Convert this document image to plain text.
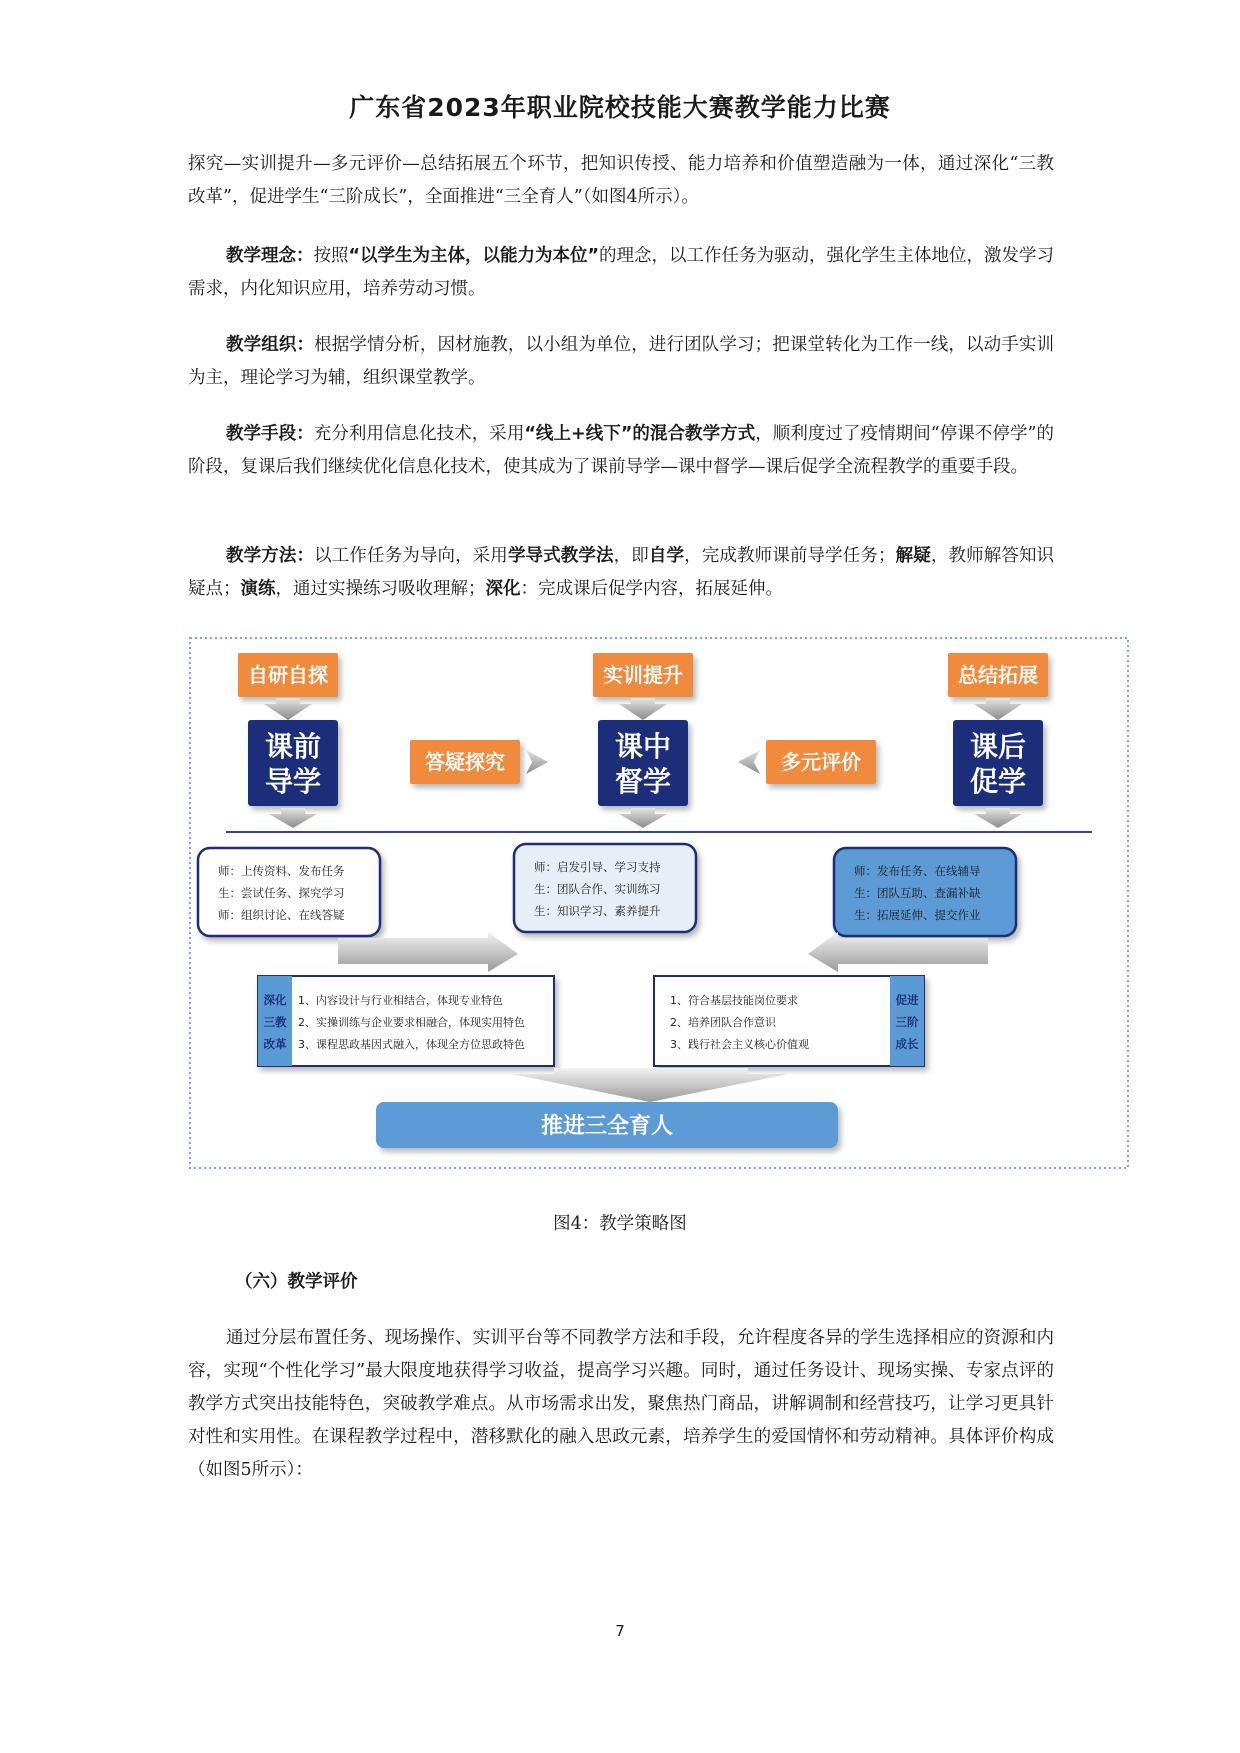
广东省2023年职业院校技能大赛教学能力比赛
探究—实训提升—多元评价—总结拓展五个环节，把知识传授、能力培养和价值塑造融为一体，通过深化“三教改革”，促进学生“三阶成长”，全面推进“三全育人”（如图4所示）。
教学理念：按照“以学生为主体，以能力为本位”的理念，以工作任务为驱动，强化学生主体地位，激发学习需求，内化知识应用，培养劳动习惯。
教学组织：根据学情分析，因材施教，以小组为单位，进行团队学习；把课堂转化为工作一线，以动手实训为主，理论学习为辅，组织课堂教学。
教学手段：充分利用信息化技术，采用“线上+线下”的混合教学方式，顺利度过了疫情期间“停课不停学”的阶段，复课后我们继续优化信息化技术，使其成为了课前导学—课中督学—课后促学全流程教学的重要手段。
教学方法：以工作任务为导向，采用学导式教学法，即自学，完成教师课前导学任务；解疑，教师解答知识疑点；演练，通过实操练习吸收理解；深化：完成课后促学内容，拓展延伸。
自研自探	实训提升	总结拓展
课前
导学
课中
督学
课后
促学
答疑探究	多元评价
师：上传资料、发布任务
生：尝试任务、探究学习
师：组织讨论、在线答疑
师：启发引导、学习支持
生：团队合作、实训练习
生：知识学习、素养提升
师：发布任务、在线辅导
生：团队互助、查漏补缺
生：拓展延伸、提交作业
深化
三教
改革
1、内容设计与行业相结合，体现专业特色
2、实操训练与企业要求相融合，体现实用特色
3、课程思政基因式融入，体现全方位思政特色
促进
三阶
成长
1、符合基层技能岗位要求
2、培养团队合作意识
3、践行社会主义核心价值观
推进三全育人
图4：教学策略图
（六）教学评价
通过分层布置任务、现场操作、实训平台等不同教学方法和手段，允许程度各异的学生选择相应的资源和内容，实现“个性化学习”最大限度地获得学习收益，提高学习兴趣。同时，通过任务设计、现场实操、专家点评的教学方式突出技能特色，突破教学难点。从市场需求出发，聚焦热门商品，讲解调制和经营技巧，让学习更具针对性和实用性。在课程教学过程中，潜移默化的融入思政元素，培养学生的爱国情怀和劳动精神。具体评价构成（如图5所示）：
7
